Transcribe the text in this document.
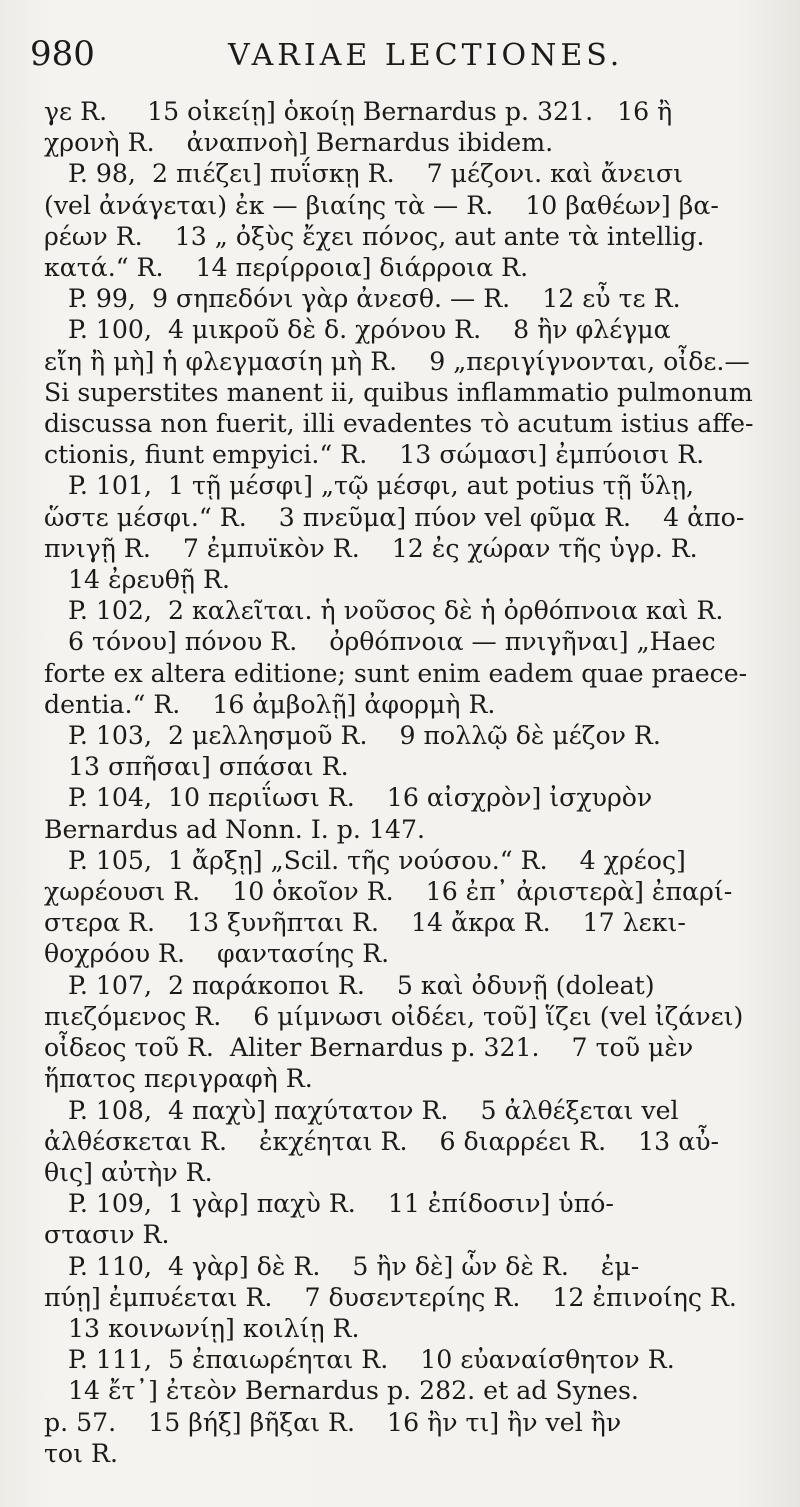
980	VARIAE LECTIONES.
γε R.     15 οἰκείῃ] ὁκοίῃ Bernardus p. 321.   16 ἢ
χρονὴ R.    ἀναπνοὴ] Bernardus ibidem.
P. 98,  2 πιέζει] πυΐσκῃ R.    7 μέζονι. καὶ ἄνεισι
(vel ἀνάγεται) ἐκ — βιαίης τὰ — R.    10 βαθέων] βα-
ρέων R.    13 „ ὀξὺς ἔχει πόνος, aut ante τὰ intellig.
κατά.“ R.    14 περίρροια] διάρροια R.
P. 99,  9 σηπεδόνι γὰρ ἀνεσθ. — R.    12 εὖ τε R.
P. 100,  4 μικροῦ δὲ δ. χρόνου R.    8 ἢν φλέγμα
εἴη ἢ μὴ] ἡ φλεγμασίη μὴ R.    9 „περιγίγνονται, οἶδε.—
Si superstites manent ii, quibus inflammatio pulmonum
discussa non fuerit, illi evadentes τὸ acutum istius affe-
ctionis, fiunt empyici.“ R.    13 σώμασι] ἐμπύοισι R.
P. 101,  1 τῇ μέσφι] „τῷ μέσφι, aut potius τῇ ὕλῃ,
ὥστε μέσφι.“ R.    3 πνεῦμα] πύον vel φῦμα R.    4 ἀπο-
πνιγῇ R.    7 ἐμπυϊκὸν R.    12 ἐς χώραν τῆς ὑγρ. R.
14 ἐρευθῇ R.
P. 102,  2 καλεῖται. ἡ νοῦσος δὲ ἡ ὀρθόπνοια καὶ R.
6 τόνου] πόνου R.    ὀρθόπνοια — πνιγῆναι] „Haec
forte ex altera editione; sunt enim eadem quae praece-
dentia.“ R.    16 ἀμβολῇ] ἀφορμὴ R.
P. 103,  2 μελλησμοῦ R.    9 πολλῷ δὲ μέζον R.
13 σπῆσαι] σπάσαι R.
P. 104,  10 περιΐωσι R.    16 αἰσχρὸν] ἰσχυρὸν
Bernardus ad Nonn. I. p. 147.
P. 105,  1 ἄρξῃ] „Scil. τῆς νούσου.“ R.    4 χρέος]
χωρέουσι R.    10 ὁκοῖον R.    16 ἐπ᾽ ἀριστερὰ] ἐπαρί-
στερα R.    13 ξυνῆπται R.    14 ἄκρα R.    17 λεκι-
θοχρόου R.    φαντασίης R.
P. 107,  2 παράκοποι R.    5 καὶ ὀδυνῇ (doleat)
πιεζόμενος R.    6 μίμνωσι οἰδέει, τοῦ] ἵζει (vel ἰζάνει)
οἶδεος τοῦ R.  Aliter Bernardus p. 321.    7 τοῦ μὲν
ἥπατος περιγραφὴ R.
P. 108,  4 παχὺ] παχύτατον R.    5 ἀλθέξεται vel
ἀλθέσκεται R.    ἐκχέηται R.    6 διαρρέει R.    13 αὖ-
θις] αὐτὴν R.
P. 109,  1 γὰρ] παχὺ R.    11 ἐπίδοσιν] ὑπό-
στασιν R.
P. 110,  4 γὰρ] δὲ R.    5 ἢν δὲ] ὧν δὲ R.    ἐμ-
πύῃ] ἐμπυέεται R.    7 δυσεντερίης R.    12 ἐπινοίης R.
13 κοινωνίῃ] κοιλίῃ R.
P. 111,  5 ἐπαιωρέηται R.    10 εὐαναίσθητον R.
14 ἔτ᾽] ἐτεὸν Bernardus p. 282. et ad Synes.
p. 57.    15 βήξ] βῆξαι R.    16 ἢν τι] ἢν vel ἢν
τοι R.
